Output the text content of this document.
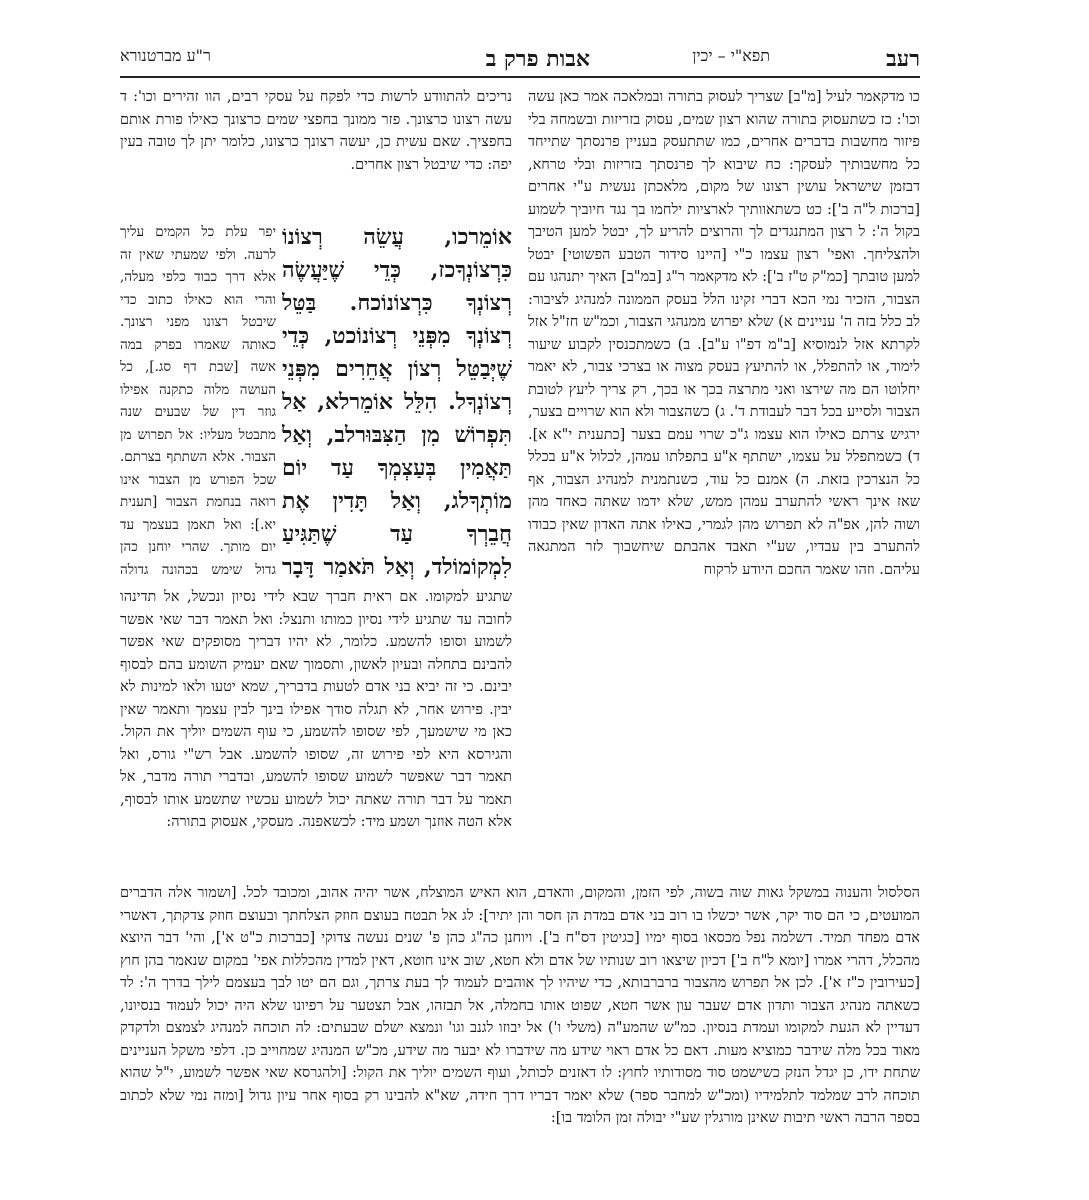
רעב
תפא"י – יכין
אבות פרק ב
ר"ע מברטנורא

כו מדקאמר לעיל [מ"ב] שצריך לעסוק בתורה ובמלאכה אמר כאן עשה וכו': כז כשתעסוק בתורה שהוא רצון שמים, עסוק בזריזות ובשמחה בלי פיזור מחשבות בדברים אחרים, כמו שתתעסק בעניין פרנסתך שתייחד כל מחשבותיך לעסקך: כח שיבוא לך פרנסתך בזריזות ובלי טרחא, דבזמן שישראל עושין רצונו של מקום, מלאכתן נעשית ע"י אחרים [ברכות ל"ה ב']: כט כשתאוותיך לארציות ילחמו בך נגד חיוביך לשמוע בקול ה': ל רצון המתנגדים לך והרוצים להריע לך, יבטל למען הטיבך ולהצליחך. ואפי' רצון עצמו כ"י [היינו סידור הטבע הפשוטי] יבטל למען טובתך [כמ"ק ט"ז ב']: לא מדקאמר ר"ג [במ"ב] האיך יתנהגו עם הצבור, הזכיר נמי הכא דברי זקינו הלל בעסק הממונה למנהיג לציבור: לב כלל בזה ה' עניינים א) שלא יפרוש ממנהגי הצבור, וכמ"ש חז"ל אזל לקרתא אזל לנמוסיא [ב"מ דפ"ו ע"ב]. ב) כשמתכנסין לקבוע שיעור לימוד, או להתפלל, או להתיעץ בעסק מצוה או בצרכי צבור, לא יאמר יחלוטו הם מה שירצו ואני מתרצה בכך או בכך, רק צריך ליעץ לטובת הצבור ולסייע בכל דבר לעבודת ד'. ג) כשהצבור ולא הוא שרויים בצער, ירגיש צרתם כאילו הוא עצמו ג"כ שרוי עמם בצער [כתענית י"א א]. ד) כשמתפלל על עצמו, ישתתף א"ע בתפלתו עמהן, לכלול א"ע בכלל כל הנצרכין בזאת. ה) אמנם כל עוד, כשנתמנית למנהיג הצבור, אף שאז אינך ראשי להתערב עמהן ממש, שלא ידמו שאתה כאחד מהן ושוה להן, אפ"ה לא תפרוש מהן לגמרי, כאילו אתה האדון שאין כבודו להתערב בין עבדיו, שע"י תאבד אהבתם שיחשבוך לזר המתגאה עליהם. וזהו שאמר החכם היודע לרקוח

נריכים להתוודע לרשות כדי לפקח על עסקי רבים, הוו זהירים וכו': ד עשה רצונו כרצונך. פזר ממונך בחפצי שמים כרצונך כאילו פורת אותם בחפציך. שאם עשית כן, יעשה רצונך כרצונו, כלומר יתן לך טובה בעין יפה: כדי שיבטל רצון אחרים.

אוֹמֵרכו, עֲשֵׂה רְצוֹנוֹ כִּרְצוֹנְךָכז, כְּדֵי שֶׁיַּעֲשֶׂה רְצוֹנְךָ כִּרְצוֹנוֹכח. בַּטֵּל רְצוֹנְךָ מִפְּנֵי רְצוֹנוֹכט, כְּדֵי שֶׁיְּבַטֵּל רְצוֹן אֲחֵרִים מִפְּנֵי רְצוֹנְךָל. הִלֵּל אוֹמֵרלא, אַל תִּפְרוֹשׁ מִן הַצִּבּוּרלב, וְאַל תַּאֲמִין בְּעַצְמְךָ עַד יוֹם מוֹתְךָלג, וְאַל תָּדִין אֶת חֲבֵרְךָ עַד שֶׁתַּגִּיעַ לִמְקוֹמוֹלד, וְאַל תֹּאמַר דָּבָר

יפר עלת כל הקמים עליך לרעה. ולפי שמעתי שאין זה אלא דרך כבוד כלפי מעלה, והרי הוא כאילו כתוב כדי שיבטל רצונו מפני רצונך. כאותה שאמרו בפרק במה אשה [שבת דף סג.], כל העושה מלוה כתקנה אפילו גוזר דין של שבעים שנה מתבטל מעליו: אל תפרוש מן הצבור. אלא השתתף בצרתם. שכל הפורש מן הצבור אינו רואה בנחמת הצבור [תענית יא.]: ואל תאמן בעצמך עד יום מותך. שהרי יוחנן כהן גדול שימש בכהונה גדולה

שתגיע למקומו. אם ראית חברך שבא לידי נסיון ונכשל, אל תדינהו לחובה עד שתגיע לידי נסיון כמותו ותנצל: ואל תאמר דבר שאי אפשר לשמוע וסופו להשמע. כלומר, לא יהיו דבריך מסופקים שאי אפשר להבינם בתחלה ובעיון לאשון, ותסמוך שאם יעמיק השומע בהם לבסוף יבינם. כי זה יביא בני אדם לטעות בדבריך, שמא יטעו ולאו למינות לא יבין. פירוש אחר, לא תגלה סודך אפילו בינך לבין עצמך ותאמר שאין כאן מי שישמעך, לפי שסופו להשמע, כי עוף השמים יוליך את הקול. והגירסא היא לפי פירוש זה, שסופו להשמע. אבל רש"י גורס, ואל תאמר דבר שאפשר לשמוע שסופו להשמע, ובדברי תורה מדבר, אל תאמר על דבר תורה שאתה יכול לשמוע עכשיו שתשמע אותו לבסוף, אלא הטה אוזנך ושמע מיד: לכשאפנה. מעסקי, אעסוק בתורה:

הסלסול והענוה במשקל גאות שוה בשוה, לפי הזמן, והמקום, והאדם, הוא האיש המוצלח, אשר יהיה אהוב, ומכובד לכל. [ושמור אלה הדברים המועטים, כי הם סוד יקר, אשר יכשלו בו רוב בני אדם במדת הן חסר והן יתיר]: לג אל תבטח בעוצם חוזק הצלחתך ובעוצם חוזק צדקתך, דאשרי אדם מפחד תמיד. דשלמה נפל מכסאו בסוף ימיו [כגיטין דס"ח ב']. ויוחנן כה"ג כהן פ' שנים נעשה צדוקי [כברכות כ"ט א'], והי' דבר היוצא מהכלל, דהרי אמרו [יומא ל"ח ב'] דכיון שיצאו רוב שנותיו של אדם ולא חטא, שוב אינו חוטא, דאין למדין מהכללות אפי' במקום שנאמר בהן חוץ [כעירובין כ"ז א']. לכן אל תפרוש מהצבור ברברבותא, כדי שיהיו לך אוהבים לעמוד לך בעת צרתך, וגם הם יטו לבך בעצמם לילך בדרך ה': לד כשאתה מנהיג הצבור ותדון אדם שעבר עון אשר חטא, שפוט אותו בחמלה, אל תבזהו, אבל תצטער על רפיונו שלא היה יכול לעמוד בנסיונו, דעדיין לא הגעת למקומו ועמדת בנסיון. כמ"ש שהמע"ה (משלי ו') אל יבוזו לגנב וגו' ונמצא ישלם שבעתים: לה תוכחה למנהיג לצמצם ולדקדק מאוד בכל מלה שידבר כמוציא מעות. דאם כל אדם ראוי שידע מה שידברו לא יבער מה שידע, מכ"ש המנהיג שמחוייב כן. דלפי משקל העניינים שתחת ידו, כן יגדל הנזק כשישמט סוד מסודותיו לחוץ: לו דאזנים לכותל, ועוף השמים יוליך את הקול: [ולהגרסא שאי אפשר לשמוע, י"ל שהוא תוכחה לרב שמלמד לתלמידיו (ומכ"ש למחבר ספר) שלא יאמר דבריו דרך חידה, שא"א להבינו רק בסוף אחר עיון גדול [ומזה נמי שלא לכתוב בספר הרבה ראשי תיבות שאינן מורגלין שע"י יבולה זמן הלומד בו]:
